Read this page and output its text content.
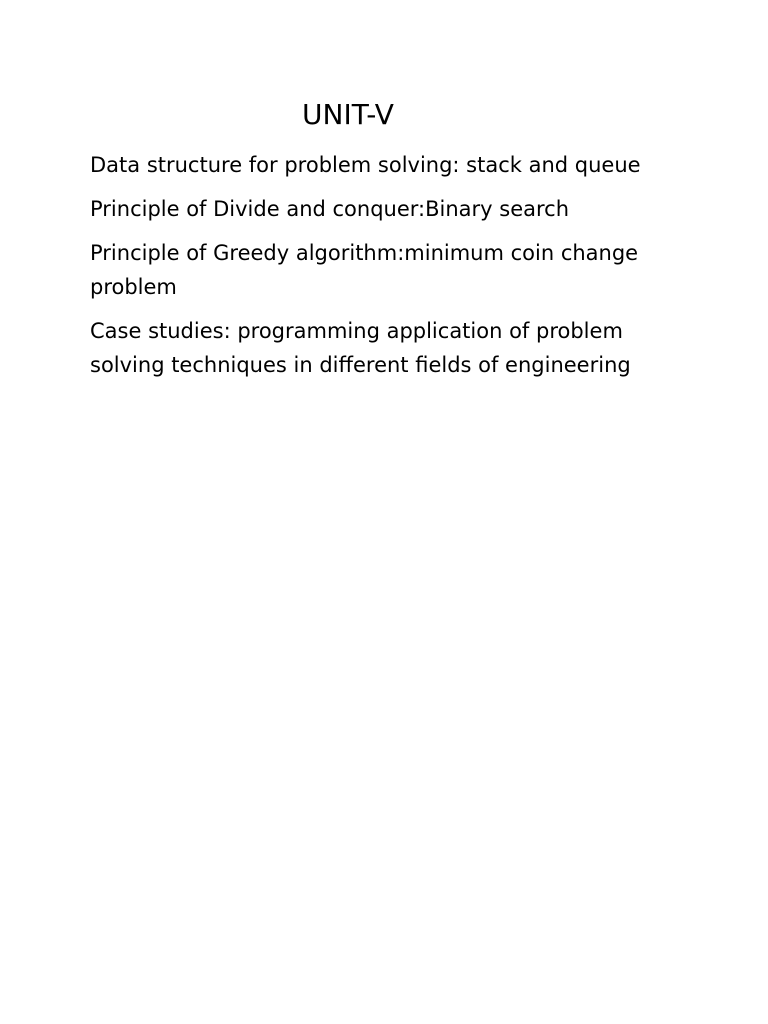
UNIT-V

Data structure for problem solving: stack and queue

Principle of Divide and conquer:Binary search

Principle of Greedy algorithm:minimum coin change
problem

Case studies: programming application of problem
solving techniques in different fields of engineering
